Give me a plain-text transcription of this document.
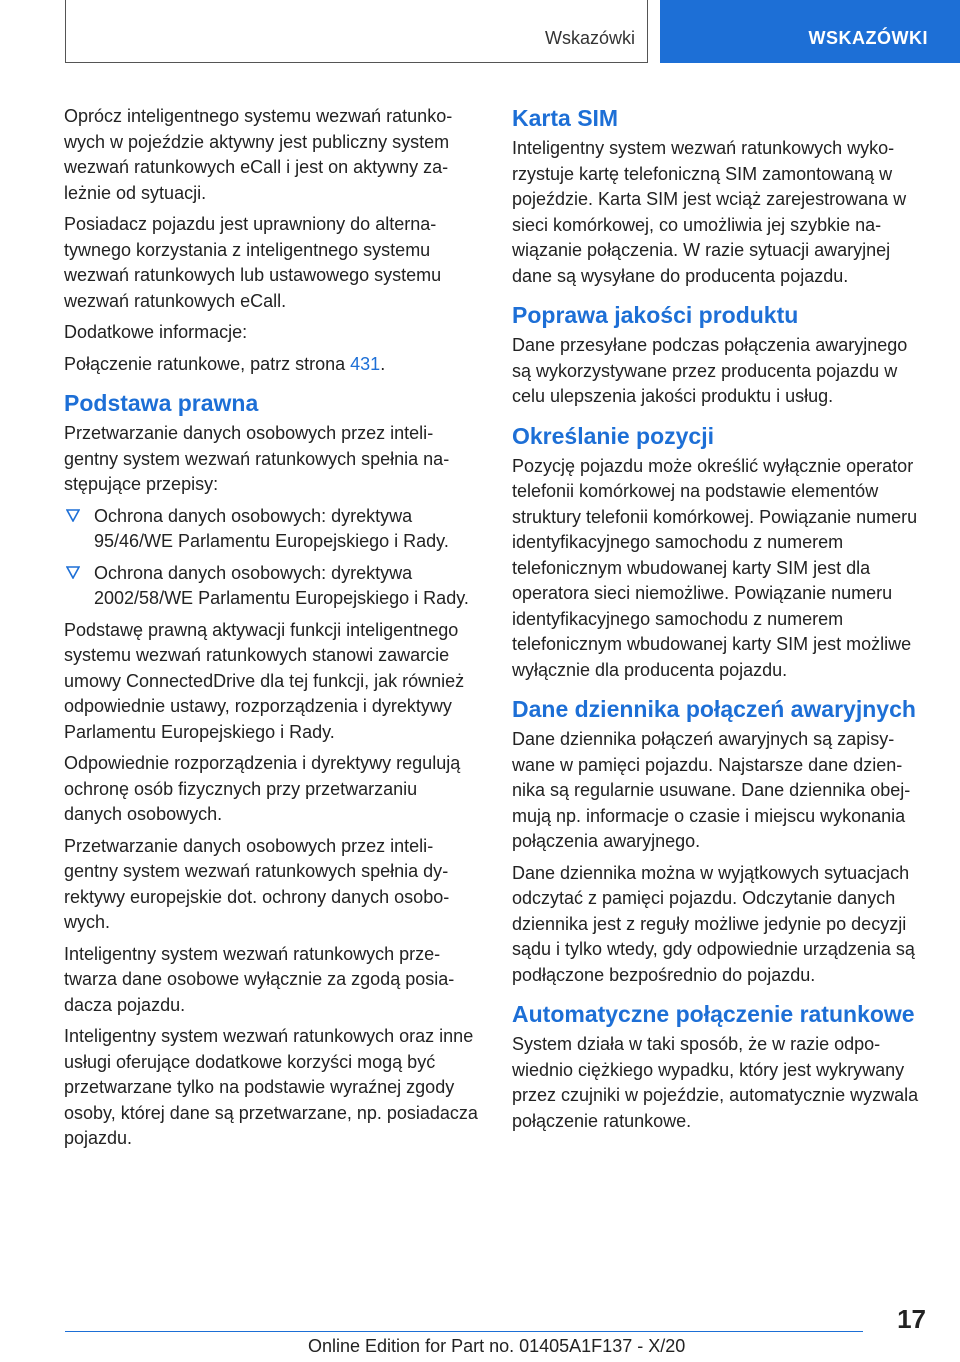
Wskazówki	WSKAZÓWKI

Oprócz inteligentnego systemu wezwań ratunkowych w pojeździe aktywny jest publiczny system wezwań ratunkowych eCall i jest on aktywny zależnie od sytuacji.

Posiadacz pojazdu jest uprawniony do alternatywnego korzystania z inteligentnego systemu wezwań ratunkowych lub ustawowego systemu wezwań ratunkowych eCall.

Dodatkowe informacje:

Połączenie ratunkowe, patrz strona 431.

Podstawa prawna

Przetwarzanie danych osobowych przez inteligentny system wezwań ratunkowych spełnia następujące przepisy:

Ochrona danych osobowych: dyrektywa 95/46/WE Parlamentu Europejskiego i Rady.
Ochrona danych osobowych: dyrektywa 2002/58/WE Parlamentu Europejskiego i Rady.

Podstawę prawną aktywacji funkcji inteligentnego systemu wezwań ratunkowych stanowi zawarcie umowy ConnectedDrive dla tej funkcji, jak również odpowiednie ustawy, rozporządzenia i dyrektywy Parlamentu Europejskiego i Rady.

Odpowiednie rozporządzenia i dyrektywy regulują ochronę osób fizycznych przy przetwarzaniu danych osobowych.

Przetwarzanie danych osobowych przez inteligentny system wezwań ratunkowych spełnia dyrektywy europejskie dot. ochrony danych osobowych.

Inteligentny system wezwań ratunkowych przetwarza dane osobowe wyłącznie za zgodą posiadacza pojazdu.

Inteligentny system wezwań ratunkowych oraz inne usługi oferujące dodatkowe korzyści mogą być przetwarzane tylko na podstawie wyraźnej zgody osoby, której dane są przetwarzane, np. posiadacza pojazdu.

Karta SIM

Inteligentny system wezwań ratunkowych wykorzystuje kartę telefoniczną SIM zamontowaną w pojeździe. Karta SIM jest wciąż zarejestrowana w sieci komórkowej, co umożliwia jej szybkie nawiązanie połączenia. W razie sytuacji awaryjnej dane są wysyłane do producenta pojazdu.

Poprawa jakości produktu

Dane przesyłane podczas połączenia awaryjnego są wykorzystywane przez producenta pojazdu w celu ulepszenia jakości produktu i usług.

Określanie pozycji

Pozycję pojazdu może określić wyłącznie operator telefonii komórkowej na podstawie elementów struktury telefonii komórkowej. Powiązanie numeru identyfikacyjnego samochodu z numerem telefonicznym wbudowanej karty SIM jest dla operatora sieci niemożliwe. Powiązanie numeru identyfikacyjnego samochodu z numerem telefonicznym wbudowanej karty SIM jest możliwe wyłącznie dla producenta pojazdu.

Dane dziennika połączeń awaryjnych

Dane dziennika połączeń awaryjnych są zapisywane w pamięci pojazdu. Najstarsze dane dziennika są regularnie usuwane. Dane dziennika obejmują np. informacje o czasie i miejscu wykonania połączenia awaryjnego.

Dane dziennika można w wyjątkowych sytuacjach odczytać z pamięci pojazdu. Odczytanie danych dziennika jest z reguły możliwe jedynie po decyzji sądu i tylko wtedy, gdy odpowiednie urządzenia są podłączone bezpośrednio do pojazdu.

Automatyczne połączenie ratunkowe

System działa w taki sposób, że w razie odpowiednio ciężkiego wypadku, który jest wykrywany przez czujniki w pojeździe, automatycznie wyzwala połączenie ratunkowe.

17
Online Edition for Part no. 01405A1F137 - X/20
